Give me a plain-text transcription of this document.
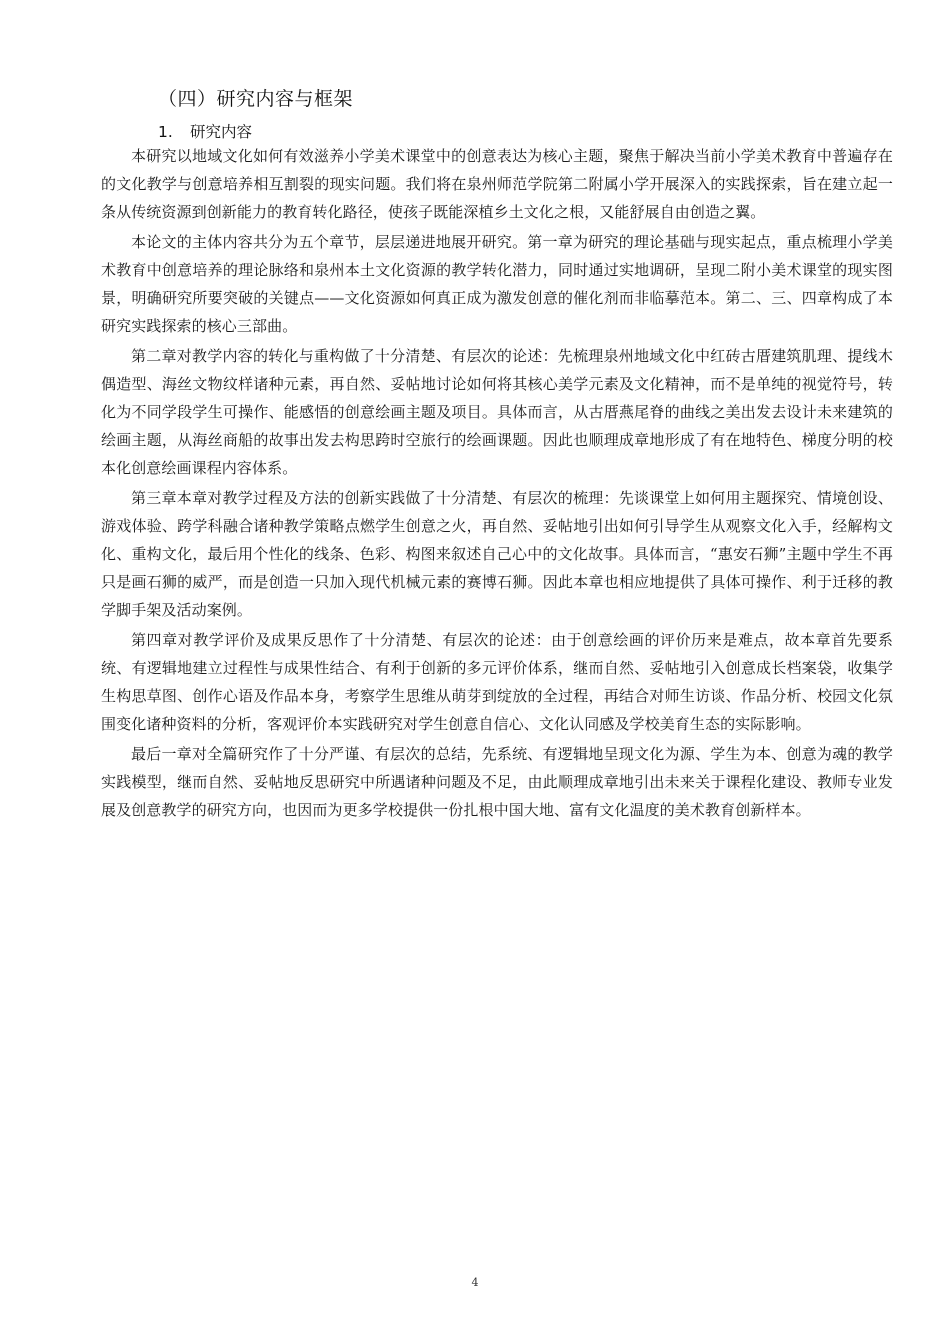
（四）研究内容与框架
1. 研究内容

本研究以地域文化如何有效滋养小学美术课堂中的创意表达为核心主题，聚焦于解决当前小学美术教育中普遍存在的文化教学与创意培养相互割裂的现实问题。我们将在泉州师范学院第二附属小学开展深入的实践探索，旨在建立起一条从传统资源到创新能力的教育转化路径，使孩子既能深植乡土文化之根，又能舒展自由创造之翼。

本论文的主体内容共分为五个章节，层层递进地展开研究。第一章为研究的理论基础与现实起点，重点梳理小学美术教育中创意培养的理论脉络和泉州本土文化资源的教学转化潜力，同时通过实地调研，呈现二附小美术课堂的现实图景，明确研究所要突破的关键点——文化资源如何真正成为激发创意的催化剂而非临摹范本。第二、三、四章构成了本研究实践探索的核心三部曲。

第二章对教学内容的转化与重构做了十分清楚、有层次的论述：先梳理泉州地域文化中红砖古厝建筑肌理、提线木偶造型、海丝文物纹样诸种元素，再自然、妥帖地讨论如何将其核心美学元素及文化精神，而不是单纯的视觉符号，转化为不同学段学生可操作、能感悟的创意绘画主题及项目。具体而言，从古厝燕尾脊的曲线之美出发去设计未来建筑的绘画主题，从海丝商船的故事出发去构思跨时空旅行的绘画课题。因此也顺理成章地形成了有在地特色、梯度分明的校本化创意绘画课程内容体系。

第三章本章对教学过程及方法的创新实践做了十分清楚、有层次的梳理：先谈课堂上如何用主题探究、情境创设、游戏体验、跨学科融合诸种教学策略点燃学生创意之火，再自然、妥帖地引出如何引导学生从观察文化入手，经解构文化、重构文化，最后用个性化的线条、色彩、构图来叙述自己心中的文化故事。具体而言，“惠安石狮”主题中学生不再只是画石狮的威严，而是创造一只加入现代机械元素的赛博石狮。因此本章也相应地提供了具体可操作、利于迁移的教学脚手架及活动案例。

第四章对教学评价及成果反思作了十分清楚、有层次的论述：由于创意绘画的评价历来是难点，故本章首先要系统、有逻辑地建立过程性与成果性结合、有利于创新的多元评价体系，继而自然、妥帖地引入创意成长档案袋，收集学生构思草图、创作心语及作品本身，考察学生思维从萌芽到绽放的全过程，再结合对师生访谈、作品分析、校园文化氛围变化诸种资料的分析，客观评价本实践研究对学生创意自信心、文化认同感及学校美育生态的实际影响。

最后一章对全篇研究作了十分严谨、有层次的总结，先系统、有逻辑地呈现文化为源、学生为本、创意为魂的教学实践模型，继而自然、妥帖地反思研究中所遇诸种问题及不足，由此顺理成章地引出未来关于课程化建设、教师专业发展及创意教学的研究方向，也因而为更多学校提供一份扎根中国大地、富有文化温度的美术教育创新样本。

4
